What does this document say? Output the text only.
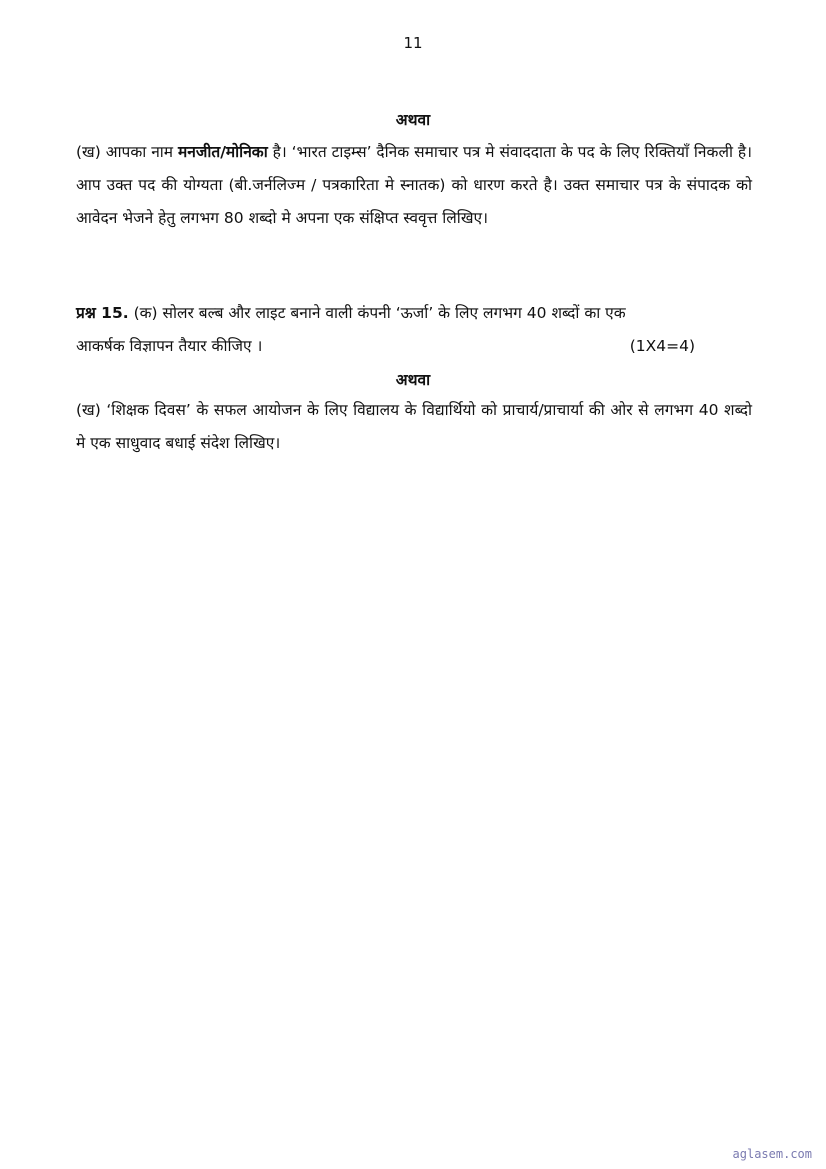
11
अथवा
(ख) आपका नाम मनजीत/मोनिका है। ‘भारत टाइम्स’ दैनिक समाचार पत्र मे संवाददाता के पद के लिए रिक्तियाँ निकली है। आप उक्त पद की योग्यता (बी.जर्नलिज्म / पत्रकारिता मे स्नातक) को धारण करते है। उक्त समाचार पत्र के संपादक को आवेदन भेजने हेतु लगभग 80 शब्दो मे अपना एक संक्षिप्त स्ववृत्त लिखिए।
प्रश्न 15. (क) सोलर बल्ब और लाइट बनाने वाली कंपनी ‘ऊर्जा’ के लिए लगभग 40 शब्दों का एक
आकर्षक विज्ञापन तैयार कीजिए ।	(1X4=4)
अथवा
(ख) ‘शिक्षक दिवस’ के सफल आयोजन के लिए विद्यालय के विद्यार्थियो को प्राचार्य/प्राचार्या की ओर से लगभग 40 शब्दो मे एक साधुवाद बधाई संदेश लिखिए।
aglasem.com
